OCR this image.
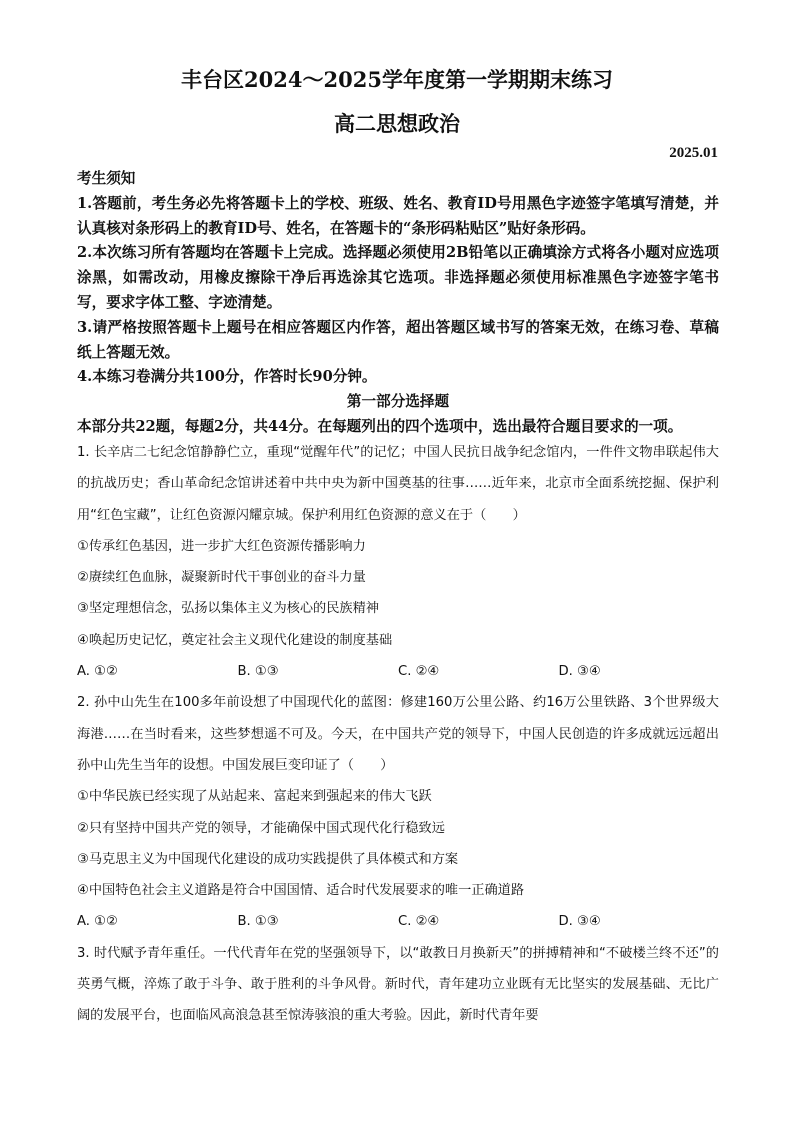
丰台区2024～2025学年度第一学期期末练习
高二思想政治
2025.01

考生须知

1.答题前，考生务必先将答题卡上的学校、班级、姓名、教育ID号用黑色字迹签字笔填写清楚，并认真核对条形码上的教育ID号、姓名，在答题卡的“条形码粘贴区”贴好条形码。

2.本次练习所有答题均在答题卡上完成。选择题必须使用2B铅笔以正确填涂方式将各小题对应选项涂黑，如需改动，用橡皮擦除干净后再选涂其它选项。非选择题必须使用标准黑色字迹签字笔书写，要求字体工整、字迹清楚。

3.请严格按照答题卡上题号在相应答题区内作答，超出答题区域书写的答案无效，在练习卷、草稿纸上答题无效。

4.本练习卷满分共100分，作答时长90分钟。

第一部分选择题

本部分共22题，每题2分，共44分。在每题列出的四个选项中，选出最符合题目要求的一项。

1. 长辛店二七纪念馆静静伫立，重现“觉醒年代”的记忆；中国人民抗日战争纪念馆内，一件件文物串联起伟大的抗战历史；香山革命纪念馆讲述着中共中央为新中国奠基的往事……近年来，北京市全面系统挖掘、保护利用“红色宝藏”，让红色资源闪耀京城。保护利用红色资源的意义在于（　　）

①传承红色基因，进一步扩大红色资源传播影响力

②赓续红色血脉，凝聚新时代干事创业的奋斗力量

③坚定理想信念，弘扬以集体主义为核心的民族精神

④唤起历史记忆，奠定社会主义现代化建设的制度基础

A. ①②	B. ①③	C. ②④	D. ③④

2. 孙中山先生在100多年前设想了中国现代化的蓝图：修建160万公里公路、约16万公里铁路、3个世界级大海港……在当时看来，这些梦想遥不可及。今天，在中国共产党的领导下，中国人民创造的许多成就远远超出孙中山先生当年的设想。中国发展巨变印证了（　　）

①中华民族已经实现了从站起来、富起来到强起来的伟大飞跃

②只有坚持中国共产党的领导，才能确保中国式现代化行稳致远

③马克思主义为中国现代化建设的成功实践提供了具体模式和方案

④中国特色社会主义道路是符合中国国情、适合时代发展要求的唯一正确道路

A. ①②	B. ①③	C. ②④	D. ③④

3. 时代赋予青年重任。一代代青年在党的坚强领导下，以“敢教日月换新天”的拼搏精神和“不破楼兰终不还”的英勇气概，淬炼了敢于斗争、敢于胜利的斗争风骨。新时代，青年建功立业既有无比坚实的发展基础、无比广阔的发展平台，也面临风高浪急甚至惊涛骇浪的重大考验。因此，新时代青年要
